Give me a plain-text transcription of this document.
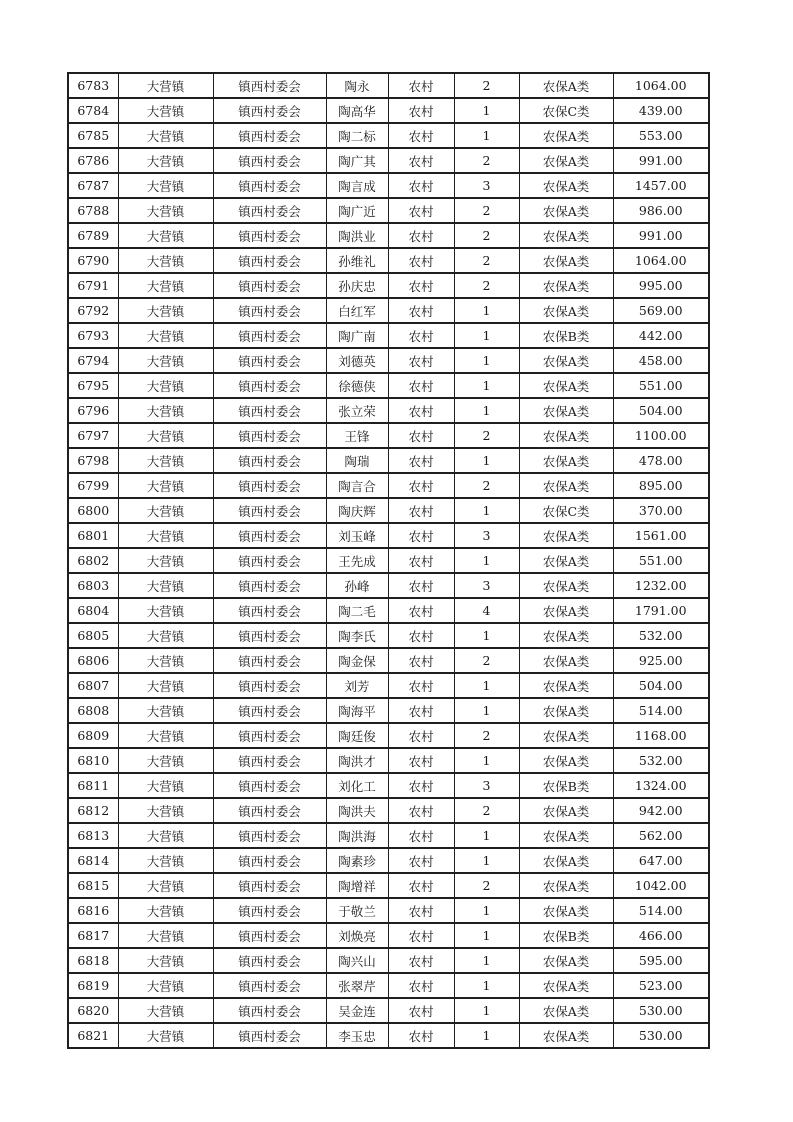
6783	大营镇	镇西村委会	陶永	农村	2	农保A类	1064.00
6784	大营镇	镇西村委会	陶高华	农村	1	农保C类	439.00
6785	大营镇	镇西村委会	陶二标	农村	1	农保A类	553.00
6786	大营镇	镇西村委会	陶广其	农村	2	农保A类	991.00
6787	大营镇	镇西村委会	陶言成	农村	3	农保A类	1457.00
6788	大营镇	镇西村委会	陶广近	农村	2	农保A类	986.00
6789	大营镇	镇西村委会	陶洪业	农村	2	农保A类	991.00
6790	大营镇	镇西村委会	孙维礼	农村	2	农保A类	1064.00
6791	大营镇	镇西村委会	孙庆忠	农村	2	农保A类	995.00
6792	大营镇	镇西村委会	白红军	农村	1	农保A类	569.00
6793	大营镇	镇西村委会	陶广南	农村	1	农保B类	442.00
6794	大营镇	镇西村委会	刘德英	农村	1	农保A类	458.00
6795	大营镇	镇西村委会	徐德侠	农村	1	农保A类	551.00
6796	大营镇	镇西村委会	张立荣	农村	1	农保A类	504.00
6797	大营镇	镇西村委会	王锋	农村	2	农保A类	1100.00
6798	大营镇	镇西村委会	陶瑞	农村	1	农保A类	478.00
6799	大营镇	镇西村委会	陶言合	农村	2	农保A类	895.00
6800	大营镇	镇西村委会	陶庆辉	农村	1	农保C类	370.00
6801	大营镇	镇西村委会	刘玉峰	农村	3	农保A类	1561.00
6802	大营镇	镇西村委会	王先成	农村	1	农保A类	551.00
6803	大营镇	镇西村委会	孙峰	农村	3	农保A类	1232.00
6804	大营镇	镇西村委会	陶二毛	农村	4	农保A类	1791.00
6805	大营镇	镇西村委会	陶李氏	农村	1	农保A类	532.00
6806	大营镇	镇西村委会	陶金保	农村	2	农保A类	925.00
6807	大营镇	镇西村委会	刘芳	农村	1	农保A类	504.00
6808	大营镇	镇西村委会	陶海平	农村	1	农保A类	514.00
6809	大营镇	镇西村委会	陶廷俊	农村	2	农保A类	1168.00
6810	大营镇	镇西村委会	陶洪才	农村	1	农保A类	532.00
6811	大营镇	镇西村委会	刘化工	农村	3	农保B类	1324.00
6812	大营镇	镇西村委会	陶洪夫	农村	2	农保A类	942.00
6813	大营镇	镇西村委会	陶洪海	农村	1	农保A类	562.00
6814	大营镇	镇西村委会	陶素珍	农村	1	农保A类	647.00
6815	大营镇	镇西村委会	陶增祥	农村	2	农保A类	1042.00
6816	大营镇	镇西村委会	于敬兰	农村	1	农保A类	514.00
6817	大营镇	镇西村委会	刘焕亮	农村	1	农保B类	466.00
6818	大营镇	镇西村委会	陶兴山	农村	1	农保A类	595.00
6819	大营镇	镇西村委会	张翠芹	农村	1	农保A类	523.00
6820	大营镇	镇西村委会	吴金连	农村	1	农保A类	530.00
6821	大营镇	镇西村委会	李玉忠	农村	1	农保A类	530.00
